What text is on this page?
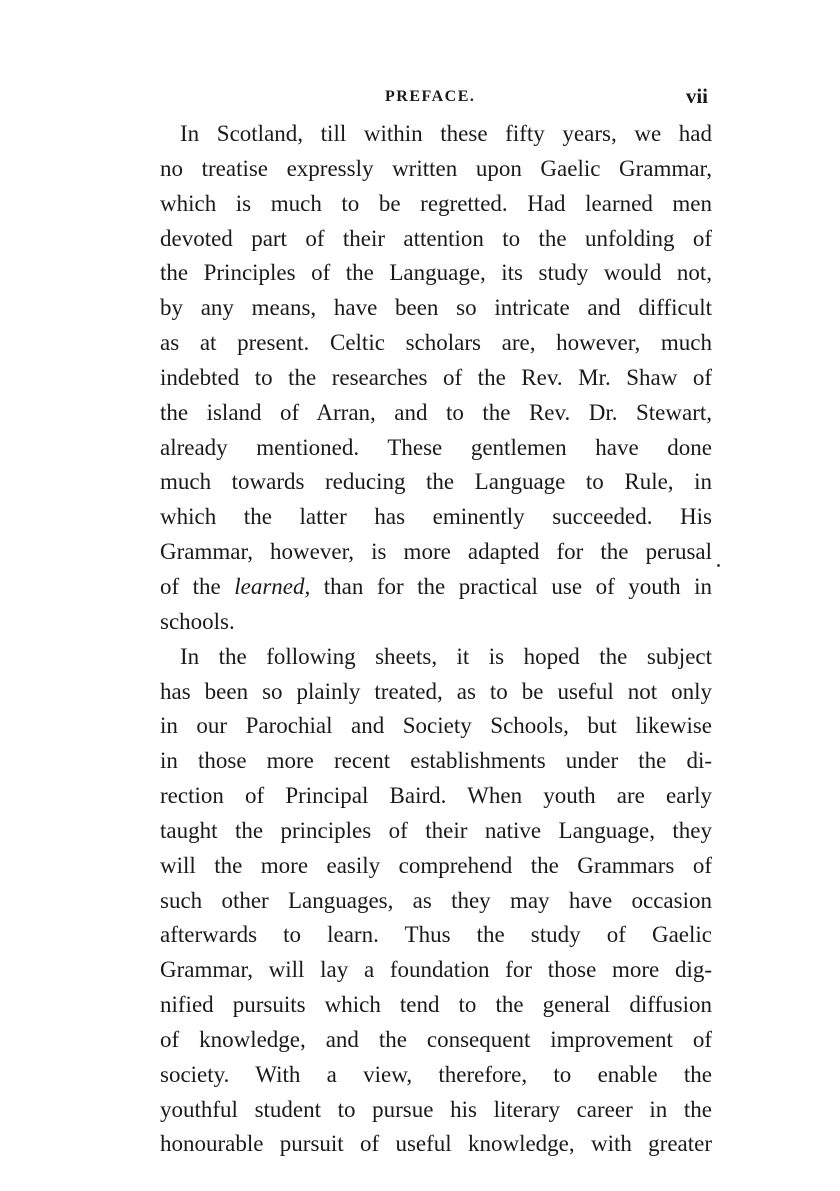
PREFACE.	vii
In Scotland, till within these fifty years, we had
no treatise expressly written upon Gaelic Grammar,
which is much to be regretted. Had learned men
devoted part of their attention to the unfolding of
the Principles of the Language, its study would not,
by any means, have been so intricate and difficult
as at present. Celtic scholars are, however, much
indebted to the researches of the Rev. Mr. Shaw of
the island of Arran, and to the Rev. Dr. Stewart,
already mentioned. These gentlemen have done
much towards reducing the Language to Rule, in
which the latter has eminently succeeded. His
Grammar, however, is more adapted for the perusal
of the learned, than for the practical use of youth in
schools.
In the following sheets, it is hoped the subject
has been so plainly treated, as to be useful not only
in our Parochial and Society Schools, but likewise
in those more recent establishments under the di-
rection of Principal Baird. When youth are early
taught the principles of their native Language, they
will the more easily comprehend the Grammars of
such other Languages, as they may have occasion
afterwards to learn. Thus the study of Gaelic
Grammar, will lay a foundation for those more dig-
nified pursuits which tend to the general diffusion
of knowledge, and the consequent improvement of
society. With a view, therefore, to enable the
youthful student to pursue his literary career in the
honourable pursuit of useful knowledge, with greater
